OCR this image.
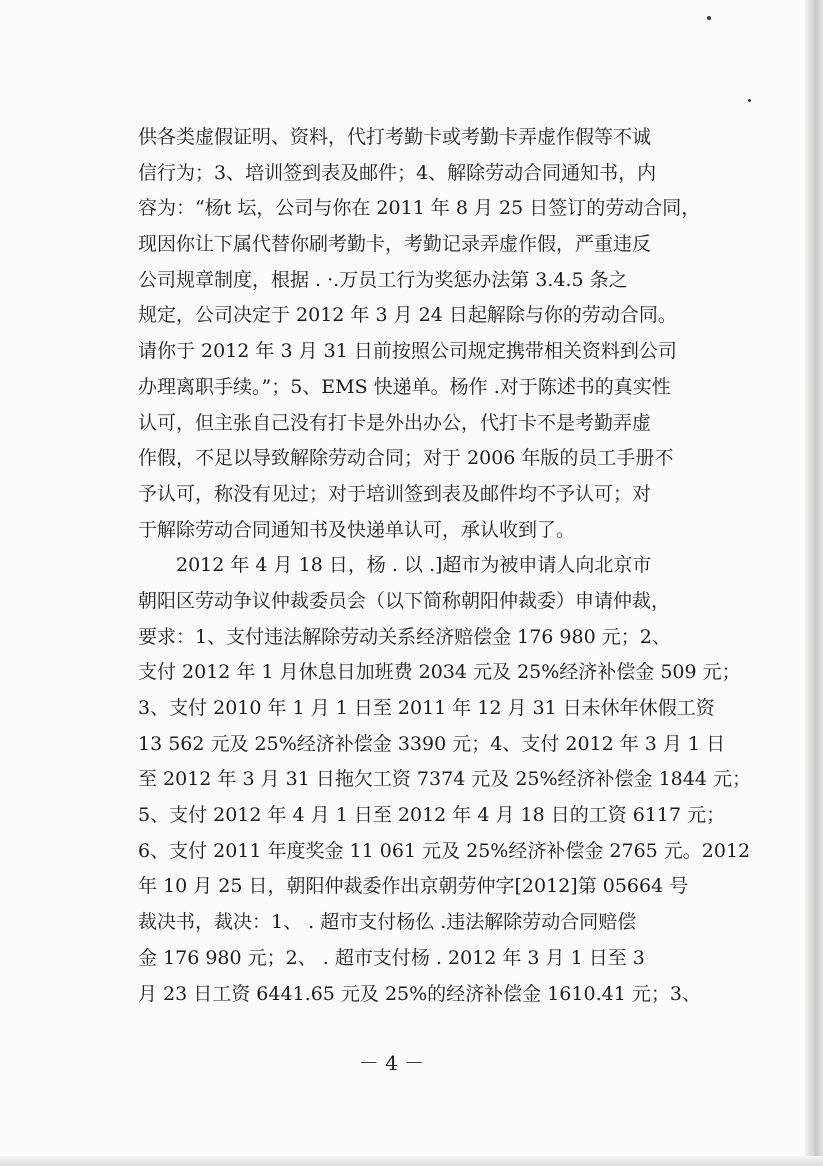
供各类虚假证明、资料，代打考勤卡或考勤卡弄虚作假等不诚
信行为；3、培训签到表及邮件；4、解除劳动合同通知书，内
容为：“杨t 坛，公司与你在 2011 年 8 月 25 日签订的劳动合同，
现因你让下属代替你刷考勤卡，考勤记录弄虚作假，严重违反
公司规章制度，根据 . ·.万员工行为奖惩办法第 3.4.5 条之
规定，公司决定于 2012 年 3 月 24 日起解除与你的劳动合同。
请你于 2012 年 3 月 31 日前按照公司规定携带相关资料到公司
办理离职手续。”；5、EMS 快递单。杨作 .对于陈述书的真实性
认可，但主张自己没有打卡是外出办公，代打卡不是考勤弄虚
作假，不足以导致解除劳动合同；对于 2006 年版的员工手册不
予认可，称没有见过；对于培训签到表及邮件均不予认可；对
于解除劳动合同通知书及快递单认可，承认收到了。
　　2012 年 4 月 18 日，杨 . 以 .]超市为被申请人向北京市
朝阳区劳动争议仲裁委员会（以下简称朝阳仲裁委）申请仲裁，
要求：1、支付违法解除劳动关系经济赔偿金 176 980 元；2、
支付 2012 年 1 月休息日加班费 2034 元及 25%经济补偿金 509 元；
3、支付 2010 年 1 月 1 日至 2011 年 12 月 31 日未休年休假工资
13 562 元及 25%经济补偿金 3390 元；4、支付 2012 年 3 月 1 日
至 2012 年 3 月 31 日拖欠工资 7374 元及 25%经济补偿金 1844 元；
5、支付 2012 年 4 月 1 日至 2012 年 4 月 18 日的工资 6117 元；
6、支付 2011 年度奖金 11 061 元及 25%经济补偿金 2765 元。2012
年 10 月 25 日，朝阳仲裁委作出京朝劳仲字[2012]第 05664 号
裁决书，裁决：1、 . 超市支付杨仫 .违法解除劳动合同赔偿
金 176 980 元；2、 . 超市支付杨 . 2012 年 3 月 1 日至 3
月 23 日工资 6441.65 元及 25%的经济补偿金 1610.41 元；3、
－ 4 －
